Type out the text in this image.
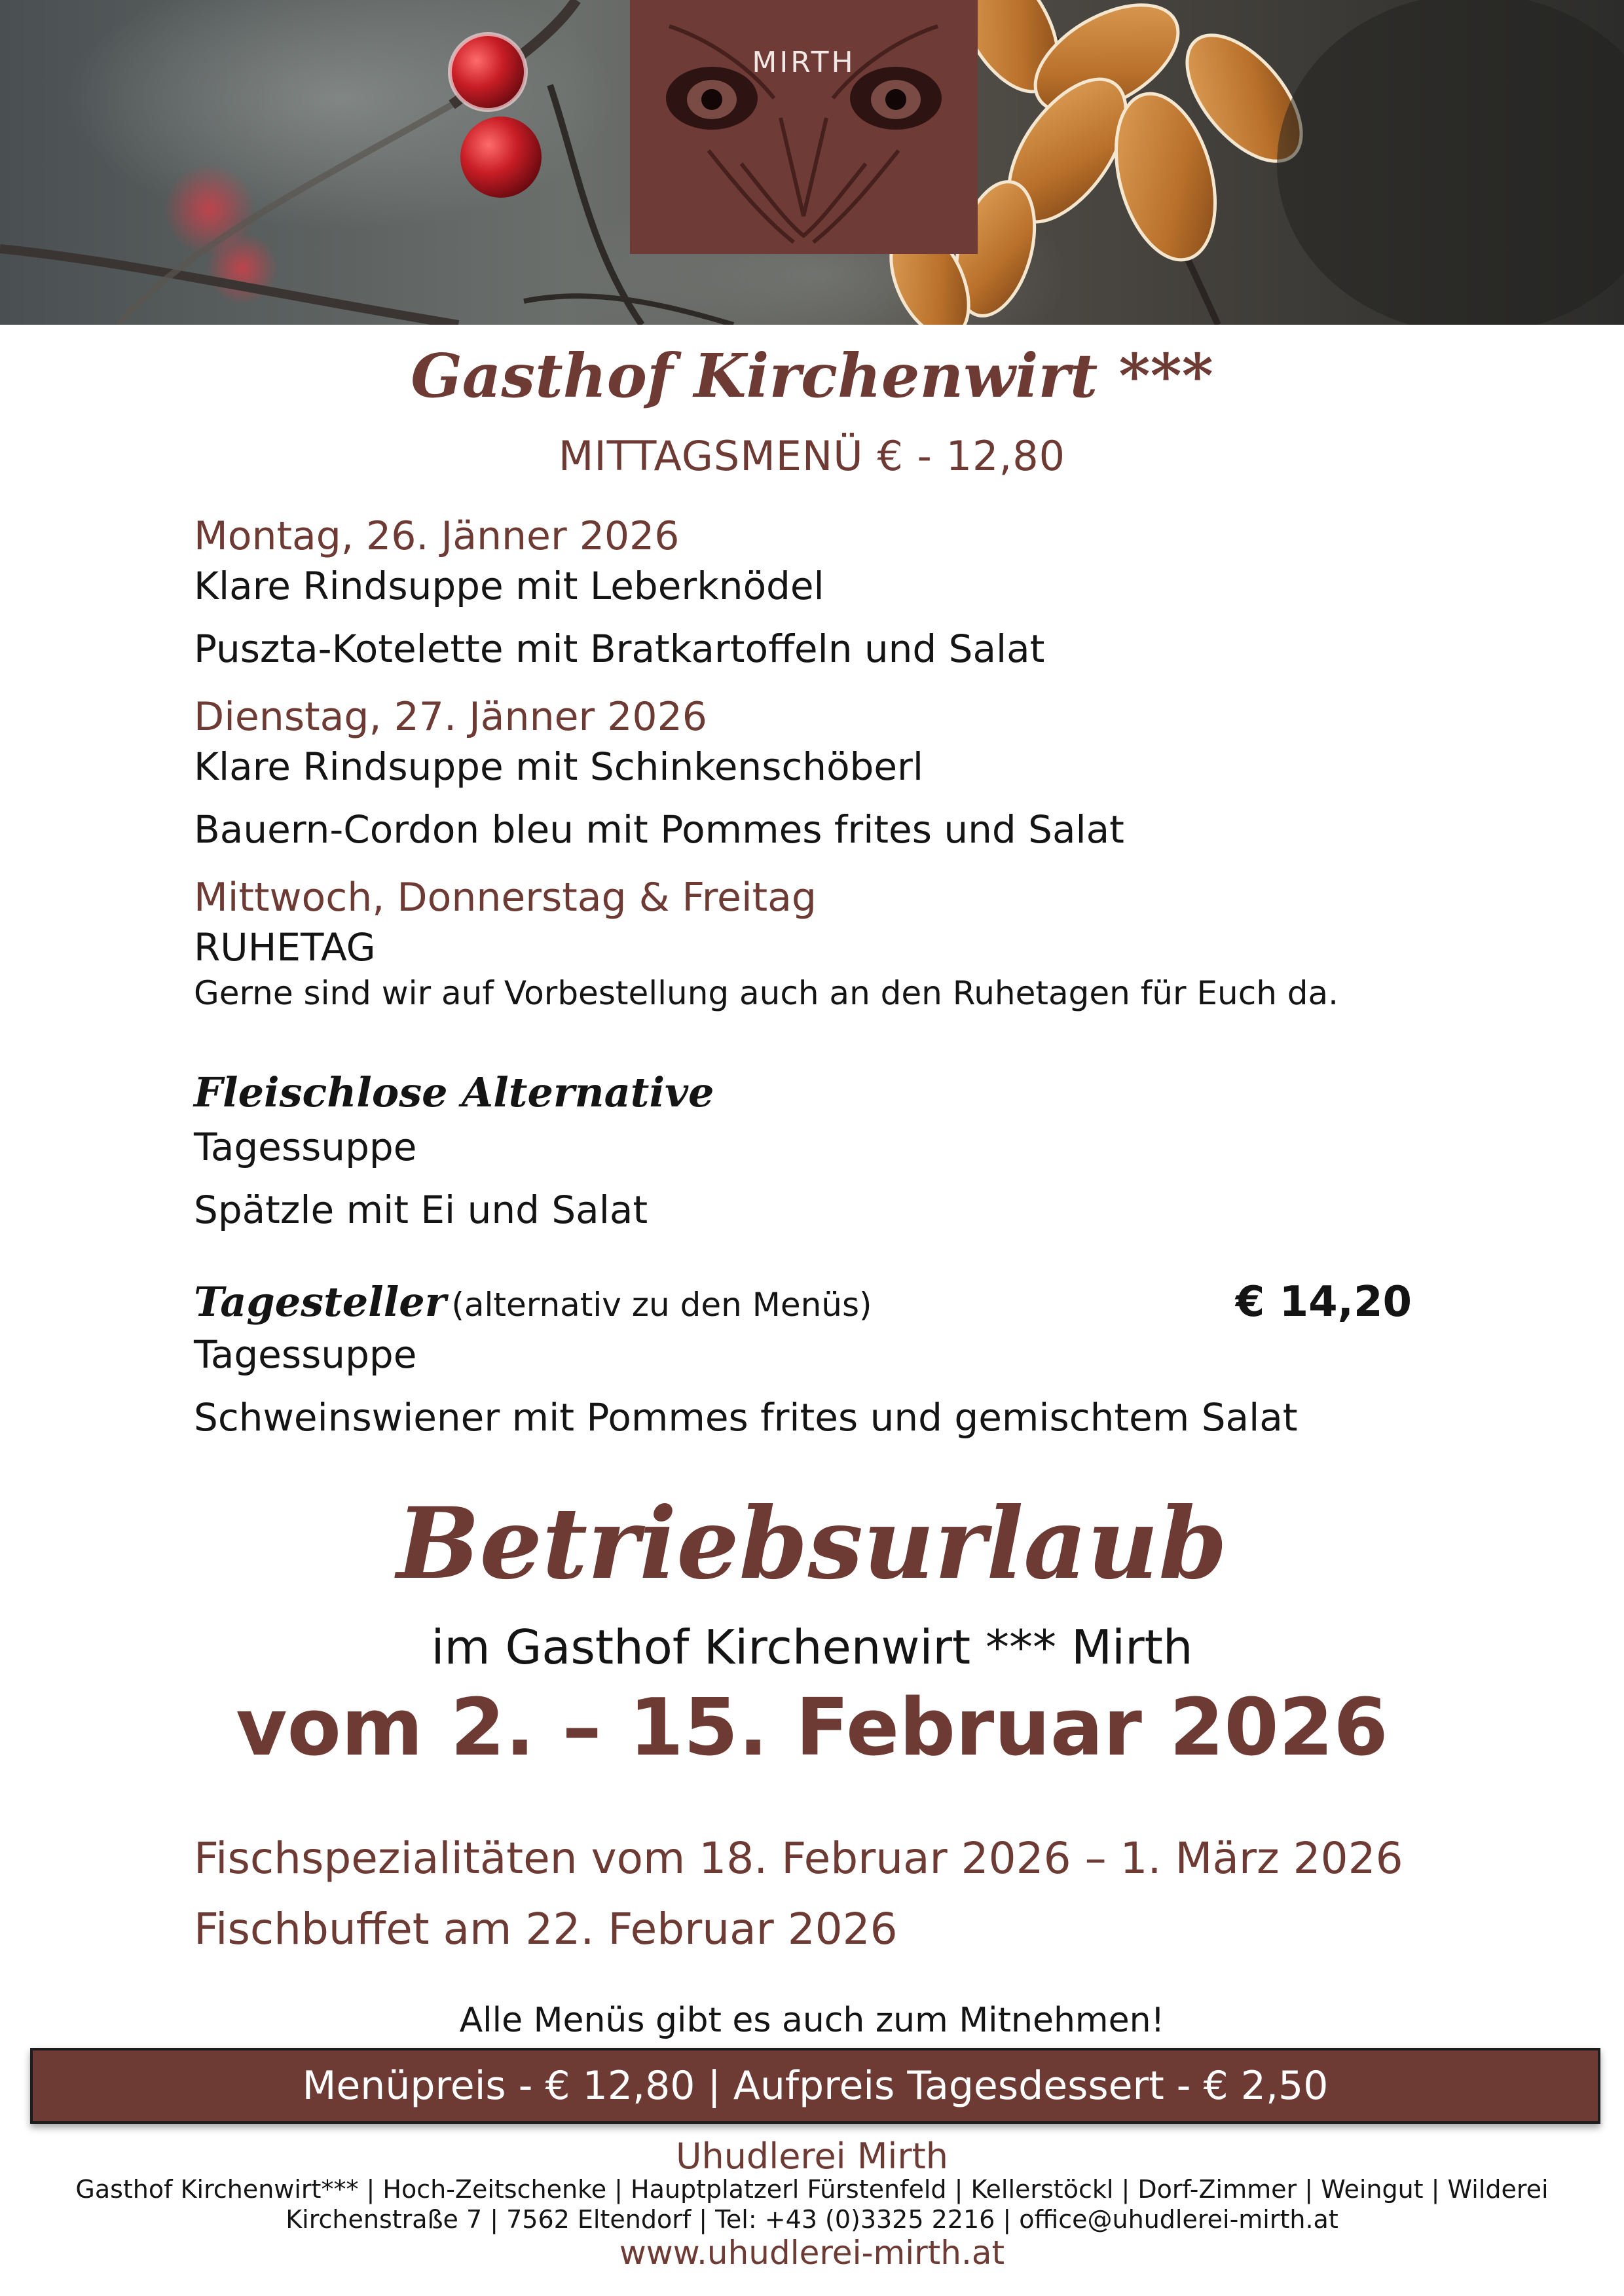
MIRTH
Gasthof Kirchenwirt ***
MITTAGSMENÜ € - 12,80
Montag, 26. Jänner 2026
Klare Rindsuppe mit Leberknödel
Puszta-Kotelette mit Bratkartoffeln und Salat
Dienstag, 27. Jänner 2026
Klare Rindsuppe mit Schinkenschöberl
Bauern-Cordon bleu mit Pommes frites und Salat
Mittwoch, Donnerstag & Freitag
RUHETAG
Gerne sind wir auf Vorbestellung auch an den Ruhetagen für Euch da.
Fleischlose Alternative
Tagessuppe
Spätzle mit Ei und Salat
Tagesteller (alternativ zu den Menüs)	€ 14,20
Tagessuppe
Schweinswiener mit Pommes frites und gemischtem Salat
Betriebsurlaub
im Gasthof Kirchenwirt *** Mirth
vom 2. – 15. Februar 2026
Fischspezialitäten vom 18. Februar 2026 – 1. März 2026
Fischbuffet am 22. Februar 2026
Alle Menüs gibt es auch zum Mitnehmen!
Menüpreis - € 12,80 | Aufpreis Tagesdessert - € 2,50
Uhudlerei Mirth
Gasthof Kirchenwirt*** | Hoch-Zeitschenke | Hauptplatzerl Fürstenfeld | Kellerstöckl | Dorf-Zimmer | Weingut | Wilderei
Kirchenstraße 7 | 7562 Eltendorf | Tel: +43 (0)3325 2216 | office@uhudlerei-mirth.at
www.uhudlerei-mirth.at
